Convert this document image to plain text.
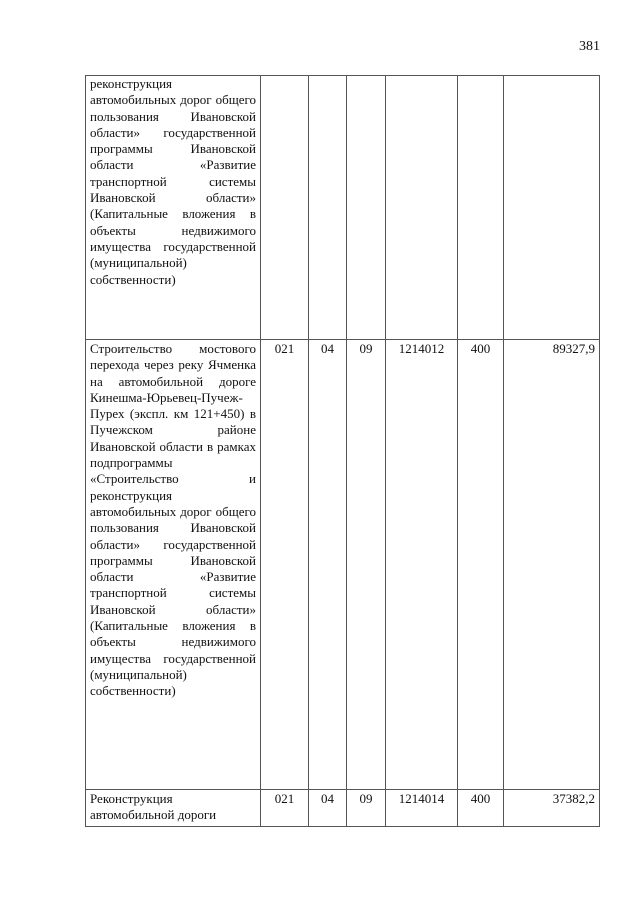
381
реконструкция автомобильных дорог общего пользования Ивановской области» государственной программы Ивановской области «Развитие транспортной системы Ивановской области» (Капитальные вложения в объекты недвижимого имущества государственной (муниципальной) собственности)						
Строительство мостового перехода через реку Ячменка на автомобильной дороге Кинешма-Юрьевец-Пучеж-Пурех (экспл. км 121+450) в Пучежском районе Ивановской области в рамках подпрограммы «Строительство и реконструкция автомобильных дорог общего пользования Ивановской области» государственной программы Ивановской области «Развитие транспортной системы Ивановской области» (Капитальные вложения в объекты недвижимого имущества государственной (муниципальной) собственности)	021	04	09	1214012	400	89327,9
Реконструкция автомобильной дороги	021	04	09	1214014	400	37382,2
